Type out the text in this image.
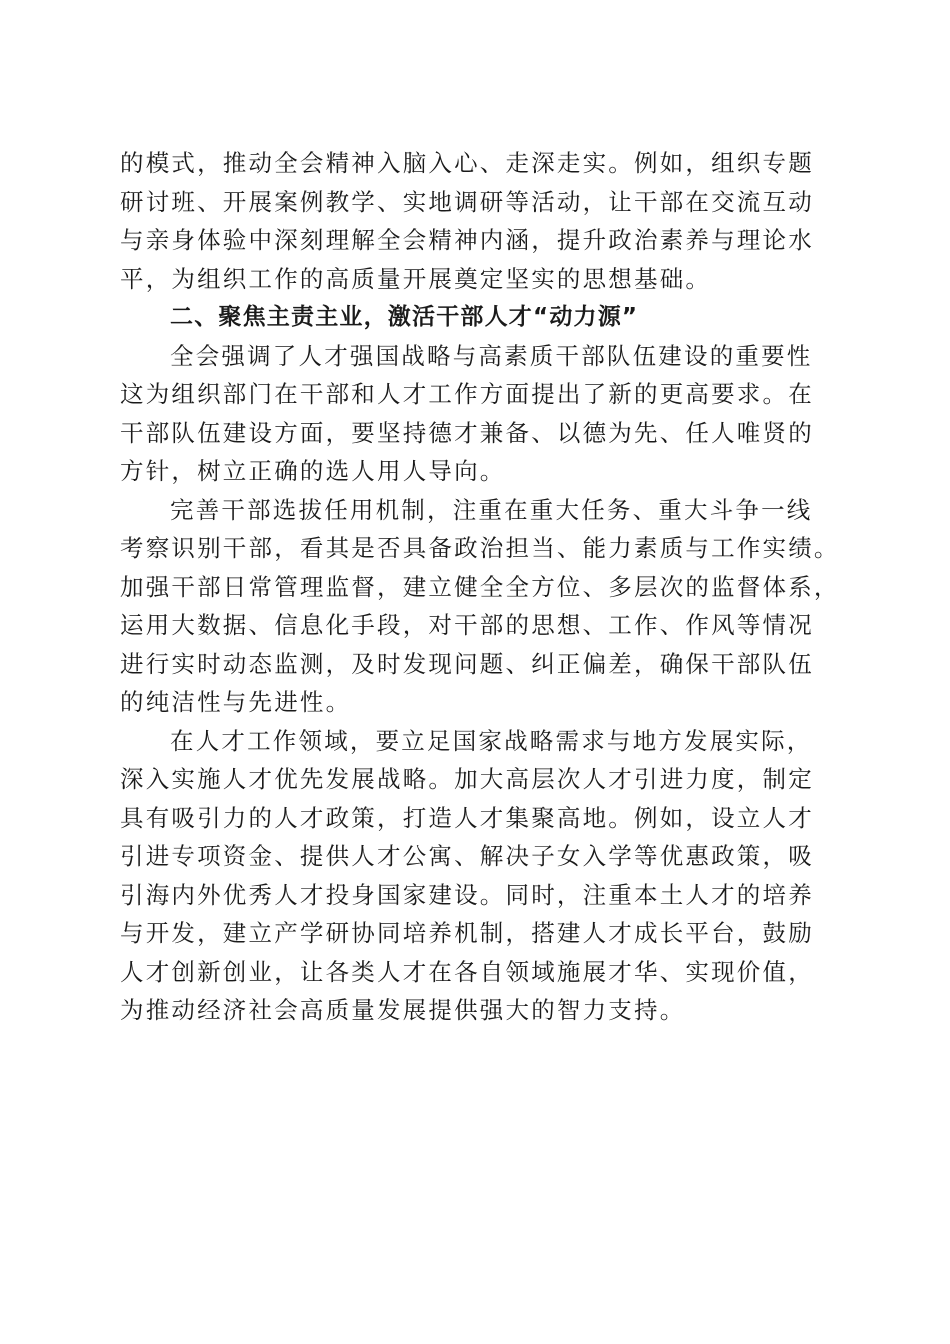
的模式，推动全会精神入脑入心、走深走实。例如，组织专题
研讨班、开展案例教学、实地调研等活动，让干部在交流互动
与亲身体验中深刻理解全会精神内涵，提升政治素养与理论水
平，为组织工作的高质量开展奠定坚实的思想基础。

二、聚焦主责主业，激活干部人才“动力源”

全会强调了人才强国战略与高素质干部队伍建设的重要性
这为组织部门在干部和人才工作方面提出了新的更高要求。在
干部队伍建设方面，要坚持德才兼备、以德为先、任人唯贤的
方针，树立正确的选人用人导向。

完善干部选拔任用机制，注重在重大任务、重大斗争一线
考察识别干部，看其是否具备政治担当、能力素质与工作实绩。
加强干部日常管理监督，建立健全全方位、多层次的监督体系，
运用大数据、信息化手段，对干部的思想、工作、作风等情况
进行实时动态监测，及时发现问题、纠正偏差，确保干部队伍
的纯洁性与先进性。

在人才工作领域，要立足国家战略需求与地方发展实际，
深入实施人才优先发展战略。加大高层次人才引进力度，制定
具有吸引力的人才政策，打造人才集聚高地。例如，设立人才
引进专项资金、提供人才公寓、解决子女入学等优惠政策，吸
引海内外优秀人才投身国家建设。同时，注重本土人才的培养
与开发，建立产学研协同培养机制，搭建人才成长平台，鼓励
人才创新创业，让各类人才在各自领域施展才华、实现价值，
为推动经济社会高质量发展提供强大的智力支持。
